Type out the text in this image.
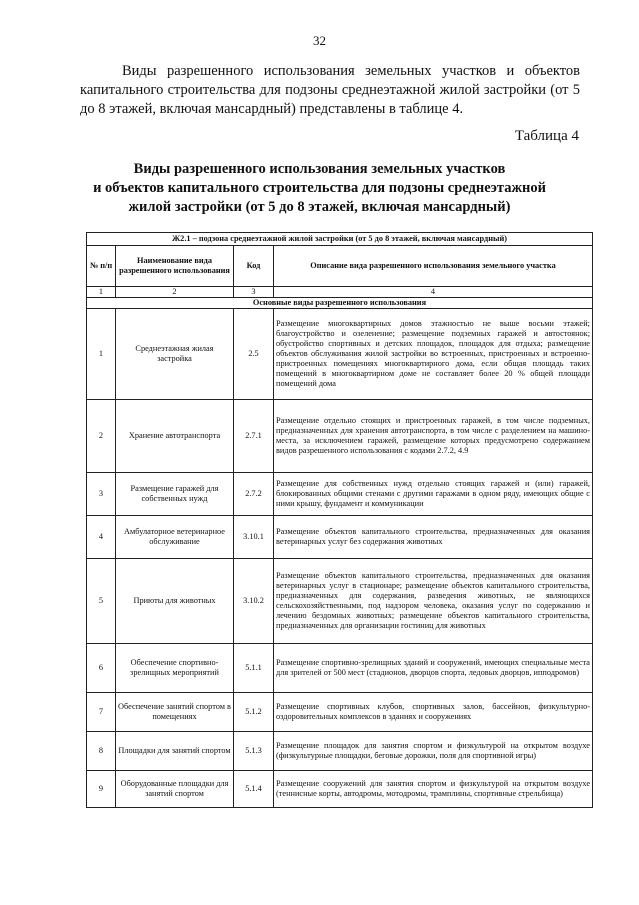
32

Виды разрешенного использования земельных участков и объектов капитального строительства для подзоны среднеэтажной жилой застройки (от 5 до 8 этажей, включая мансардный) представлены в таблице 4.

Таблица 4
Виды разрешенного использования земельных участков
и объектов капитального строительства для подзоны среднеэтажной
жилой застройки (от 5 до 8 этажей, включая мансардный)
Ж2.1 – подзона среднеэтажной жилой застройки (от 5 до 8 этажей, включая мансардный)			
№ п/п	Наименование вида разрешенного использования	Код	Описание вида разрешенного использования земельного участка
1	2	3	4
Основные виды разрешенного использования			
1	Среднеэтажная жилая застройка	2.5	Размещение многоквартирных домов этажностью не выше восьми этажей; благоустройство и озеленение; размещение подземных гаражей и автостоянок; обустройство спортивных и детских площадок, площадок для отдыха; размещение объектов обслуживания жилой застройки во встроенных, пристроенных и встроенно-пристроенных помещениях многоквартирного дома, если общая площадь таких помещений в многоквартирном доме не составляет более 20 % общей площади помещений дома
2	Хранение автотранспорта	2.7.1	Размещение отдельно стоящих и пристроенных гаражей, в том числе подземных, предназначенных для хранения автотранспорта, в том числе с разделением на машино-места, за исключением гаражей, размещение которых предусмотрено содержанием видов разрешенного использования с кодами 2.7.2, 4.9
3	Размещение гаражей для собственных нужд	2.7.2	Размещение для собственных нужд отдельно стоящих гаражей и (или) гаражей, блокированных общими стенами с другими гаражами в одном ряду, имеющих общие с ними крышу, фундамент и коммуникации
4	Амбулаторное ветеринарное обслуживание	3.10.1	Размещение объектов капитального строительства, предназначенных для оказания ветеринарных услуг без содержания животных
5	Приюты для животных	3.10.2	Размещение объектов капитального строительства, предназначенных для оказания ветеринарных услуг в стационаре; размещение объектов капитального строительства, предназначенных для содержания, разведения животных, не являющихся сельскохозяйственными, под надзором человека, оказания услуг по содержанию и лечению бездомных животных; размещение объектов капитального строительства, предназначенных для организации гостиниц для животных
6	Обеспечение спортивно-зрелищных мероприятий	5.1.1	Размещение спортивно-зрелищных зданий и сооружений, имеющих специальные места для зрителей от 500 мест (стадионов, дворцов спорта, ледовых дворцов, ипподромов)
7	Обеспечение занятий спортом в помещениях	5.1.2	Размещение спортивных клубов, спортивных залов, бассейнов, физкультурно-оздоровительных комплексов в зданиях и сооружениях
8	Площадки для занятий спортом	5.1.3	Размещение площадок для занятия спортом и физкультурой на открытом воздухе (физкультурные площадки, беговые дорожки, поля для спортивной игры)
9	Оборудованные площадки для занятий спортом	5.1.4	Размещение сооружений для занятия спортом и физкультурой на открытом воздухе (теннисные корты, автодромы, мотодромы, трамплины, спортивные стрельбища)
